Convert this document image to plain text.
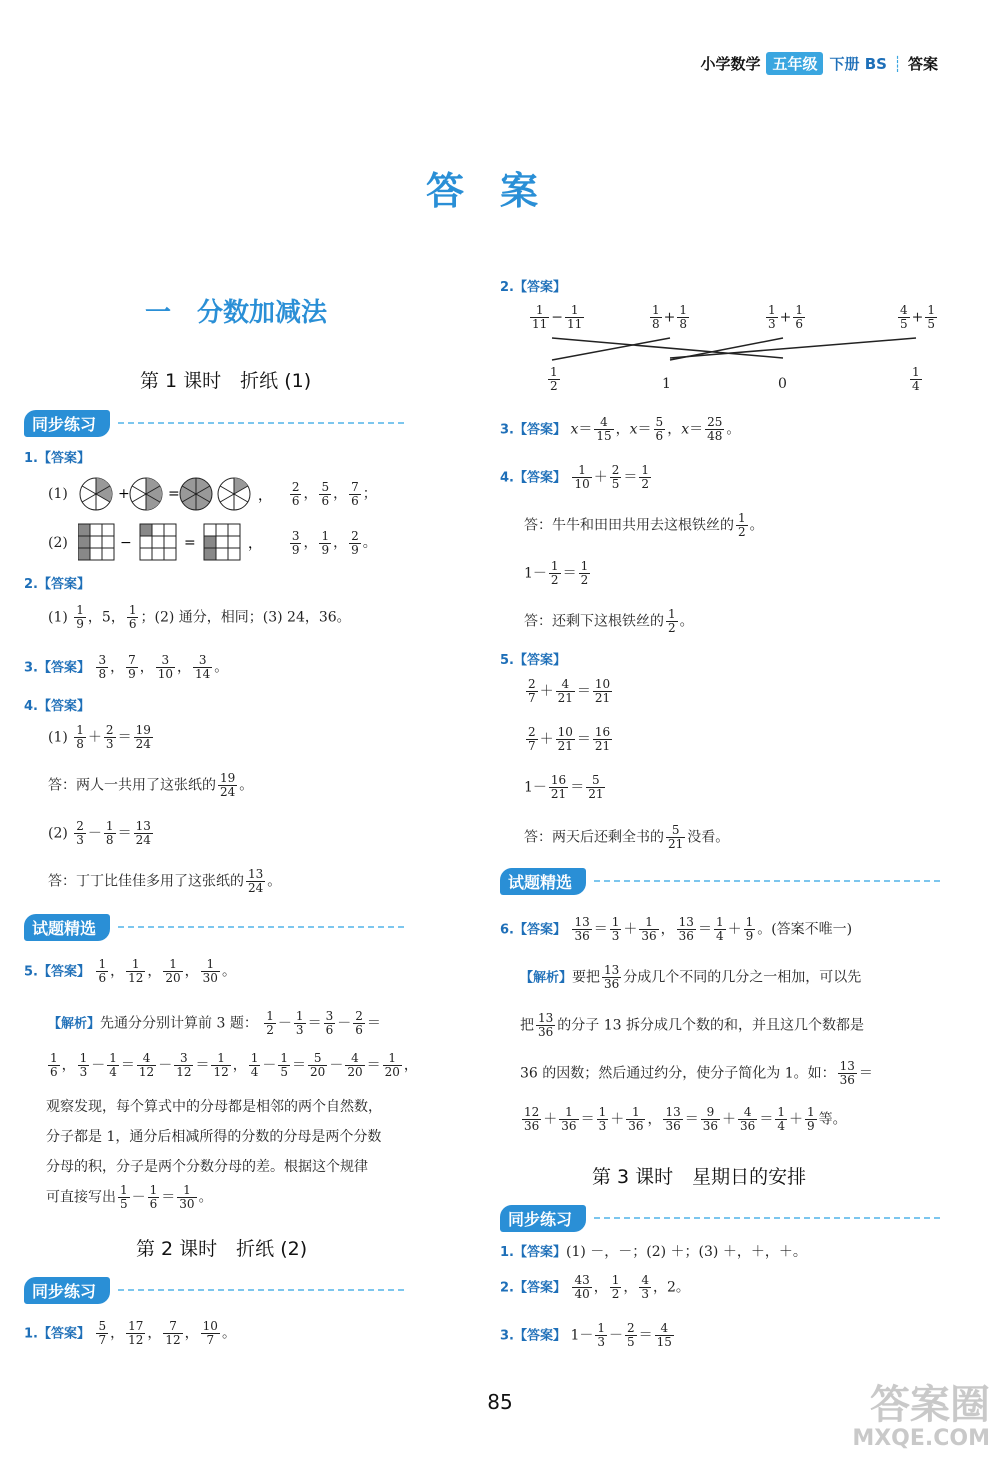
小学数学 五年级 下册 BS ┊ 答案
答案
一　分数加减法
第 1 课时　折纸 (1)
同步练习
1.【答案】
(1)	+	=	， $\frac{2}{6}$ ， $\frac{5}{6}$ ， $\frac{7}{6}$ ；
(2)	−	=	， $\frac{3}{9}$ ， $\frac{1}{9}$ ， $\frac{2}{9}$ 。
2.【答案】
$(1) \frac{1}{9}$ ，5， $\frac{1}{6}$ ；(2) 通分，相同；(3) 24，36。
3.【答案】 $\frac{3}{8}$ ， $\frac{7}{9}$ ， $\frac{3}{10}$ ， $\frac{3}{14}$ 。
4.【答案】
$(1) \frac{1}{8} + \frac{2}{3} = \frac{19}{24}$
答：两人一共用了这张纸的 $\frac{19}{24}$ 。
$(2) \frac{2}{3} - \frac{1}{8} = \frac{13}{24}$
答：丁丁比佳佳多用了这张纸的 $\frac{13}{24}$ 。
试题精选
5.【答案】 $\frac{1}{6}$ ， $\frac{1}{12}$ ， $\frac{1}{20}$ ， $\frac{1}{30}$ 。
【解析】先通分分别计算前 3 题： $\frac{1}{2} - \frac{1}{3} = \frac{3}{6} - \frac{2}{6}$ ＝
$\frac{1}{6}$ ， $\frac{1}{3} - \frac{1}{4} = \frac{4}{12} - \frac{3}{12} = \frac{1}{12}$ ， $\frac{1}{4} - \frac{1}{5} = \frac{5}{20} - \frac{4}{20} = \frac{1}{20}$ ，
观察发现，每个算式中的分母都是相邻的两个自然数，
分子都是 1，通分后相减所得的分数的分母是两个分数
分母的积，分子是两个分数分母的差。根据这个规律
可直接写出 $\frac{1}{5} - \frac{1}{6} = \frac{1}{30}$ 。
第 2 课时　折纸 (2)
同步练习
1.【答案】 $\frac{5}{7}$ ， $\frac{17}{12}$ ， $\frac{7}{12}$ ， $\frac{10}{7}$ 。
2.【答案】
$\frac{1}{11} - \frac{1}{11}$	$\frac{1}{8} + \frac{1}{8}$	$\frac{1}{3} + \frac{1}{6}$	$\frac{4}{5} + \frac{1}{5}$
$\frac{1}{2}$	1	0	$\frac{1}{4}$
3.【答案】 $x= \frac{4}{15}$ ，$x= \frac{5}{6}$ ，$x= \frac{25}{48}$ 。
4.【答案】 $\frac{1}{10} + \frac{2}{5} = \frac{1}{2}$
答：牛牛和田田共用去这根铁丝的 $\frac{1}{2}$ 。
$1- \frac{1}{2} = \frac{1}{2}$
答：还剩下这根铁丝的 $\frac{1}{2}$ 。
5.【答案】
$\frac{2}{7} + \frac{4}{21} = \frac{10}{21}$
$\frac{2}{7} + \frac{10}{21} = \frac{16}{21}$
$1- \frac{16}{21} = \frac{5}{21}$
答：两天后还剩全书的 $\frac{5}{21}$ 没看。
试题精选
6.【答案】 $\frac{13}{36} = \frac{1}{3} + \frac{1}{36}$ ， $\frac{13}{36} = \frac{1}{4} + \frac{1}{9}$ 。(答案不唯一)
【解析】要把 $\frac{13}{36}$ 分成几个不同的几分之一相加，可以先
把 $\frac{13}{36}$ 的分子 13 拆分成几个数的和，并且这几个数都是
36 的因数；然后通过约分，使分子简化为 1。如： $\frac{13}{36}$ ＝
$\frac{12}{36} + \frac{1}{36} = \frac{1}{3} + \frac{1}{36}$ ， $\frac{13}{36} = \frac{9}{36} + \frac{4}{36} = \frac{1}{4} + \frac{1}{9}$ 等。
第 3 课时　星期日的安排
同步练习
1.【答案】(1) －，－；(2) ＋；(3) ＋，＋，＋。
2.【答案】 $\frac{43}{40}$ ， $\frac{1}{2}$ ， $\frac{4}{3}$ ，2。
3.【答案】 $1- \frac{1}{3} - \frac{2}{5} = \frac{4}{15}$
85	答案圈
MXQE.COM
